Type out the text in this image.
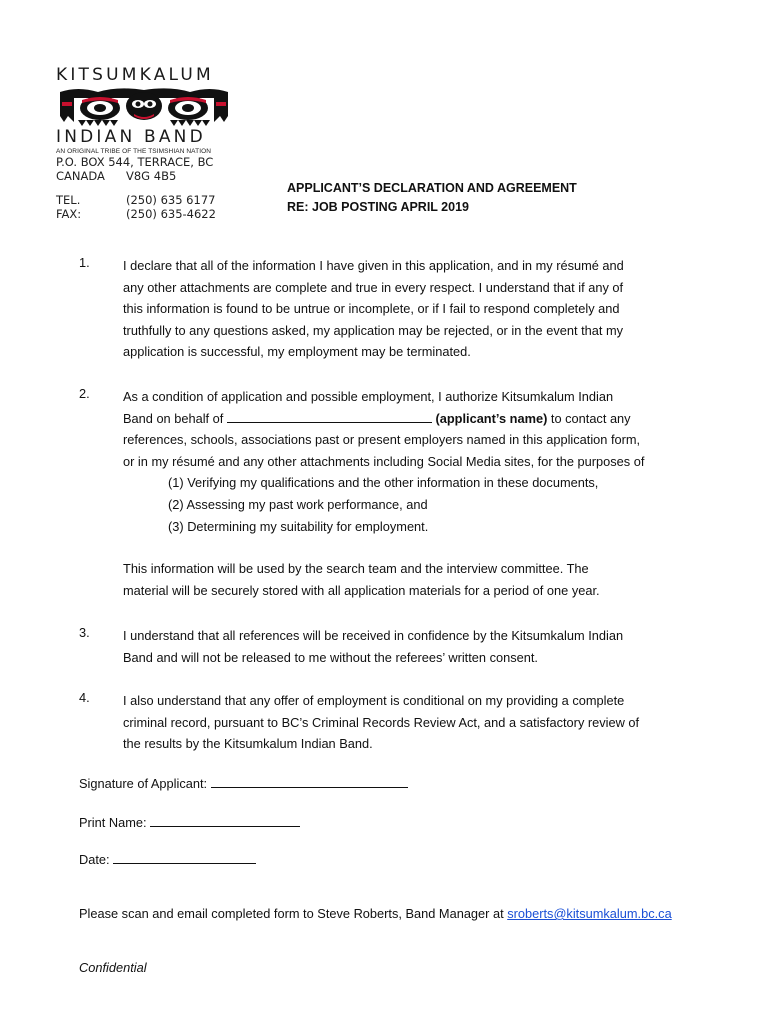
KITSUMKALUM
INDIAN BAND
AN ORIGINAL TRIBE OF THE TSIMSHIAN NATION
P.O. BOX 544, TERRACE, BC
CANADA	V8G 4B5
TEL.	(250) 635 6177
FAX:	(250) 635-4622
APPLICANT’S DECLARATION AND AGREEMENT
RE: JOB POSTING APRIL 2019
1.	I declare that all of the information I have given in this application, and in my résumé and
any other attachments are complete and true in every respect. I understand that if any of
this information is found to be untrue or incomplete, or if I fail to respond completely and
truthfully to any questions asked, my application may be rejected, or in the event that my
application is successful, my employment may be terminated.
2.	As a condition of application and possible employment, I authorize Kitsumkalum Indian
Band on behalf of	(applicant’s name) to contact any
references, schools, associations past or present employers named in this application form,
or in my résumé and any other attachments including Social Media sites, for the purposes of
(1) Verifying my qualifications and the other information in these documents,
(2) Assessing my past work performance, and
(3) Determining my suitability for employment.
This information will be used by the search team and the interview committee. The
material will be securely stored with all application materials for a period of one year.
3.	I understand that all references will be received in confidence by the Kitsumkalum Indian
Band and will not be released to me without the referees’ written consent.
4.	I also understand that any offer of employment is conditional on my providing a complete
criminal record, pursuant to BC’s Criminal Records Review Act, and a satisfactory review of
the results by the Kitsumkalum Indian Band.
Signature of Applicant:
Print Name:
Date:
Please scan and email completed form to Steve Roberts, Band Manager at sroberts@kitsumkalum.bc.ca
Confidential
